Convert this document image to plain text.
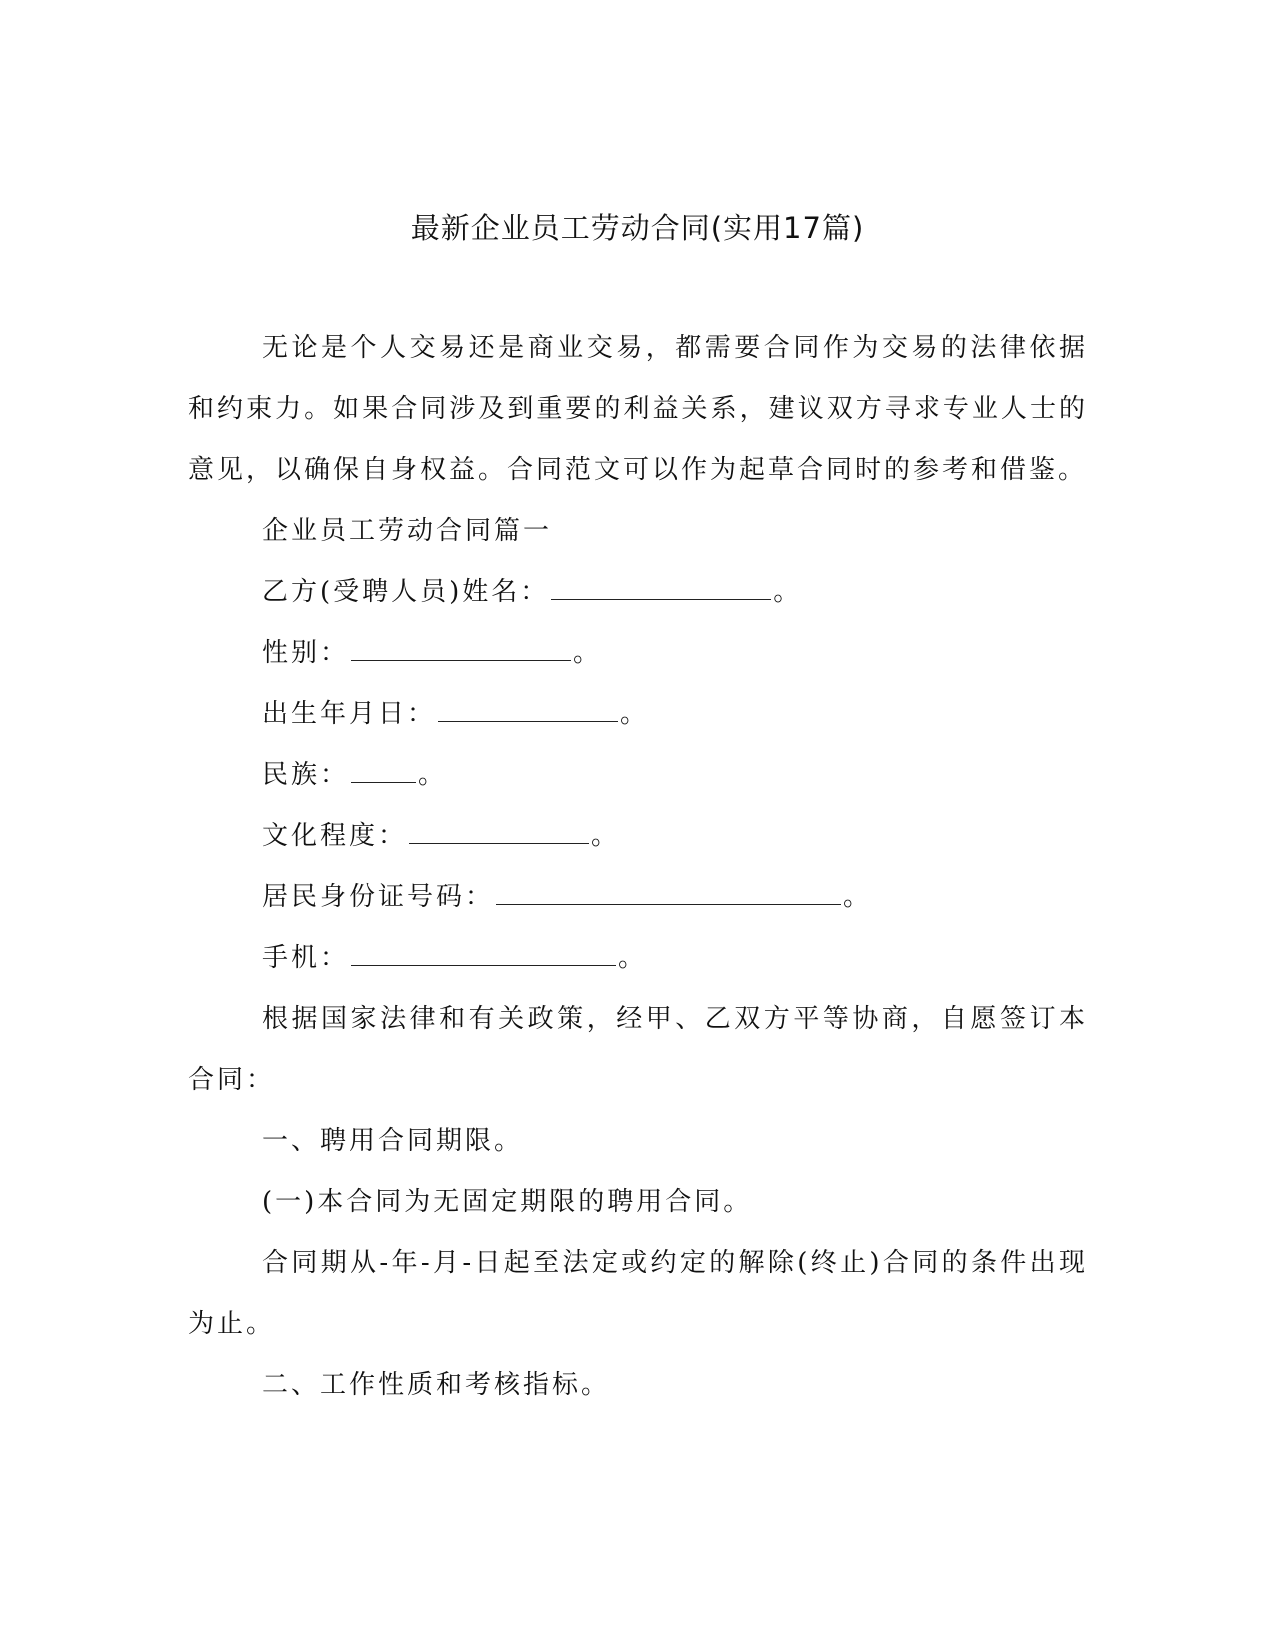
最新企业员工劳动合同(实用17篇)

无论是个人交易还是商业交易，都需要合同作为交易的法律依据和约束力。如果合同涉及到重要的利益关系，建议双方寻求专业人士的意见，以确保自身权益。合同范文可以作为起草合同时的参考和借鉴。

企业员工劳动合同篇一

乙方(受聘人员)姓名：	。

性别：	。

出生年月日：	。

民族：	。

文化程度：	。

居民身份证号码：	。

手机：	。

根据国家法律和有关政策，经甲、乙双方平等协商，自愿签订本合同：

一、聘用合同期限。

(一)本合同为无固定期限的聘用合同。

合同期从-年-月-日起至法定或约定的解除(终止)合同的条件出现为止。

二、工作性质和考核指标。
